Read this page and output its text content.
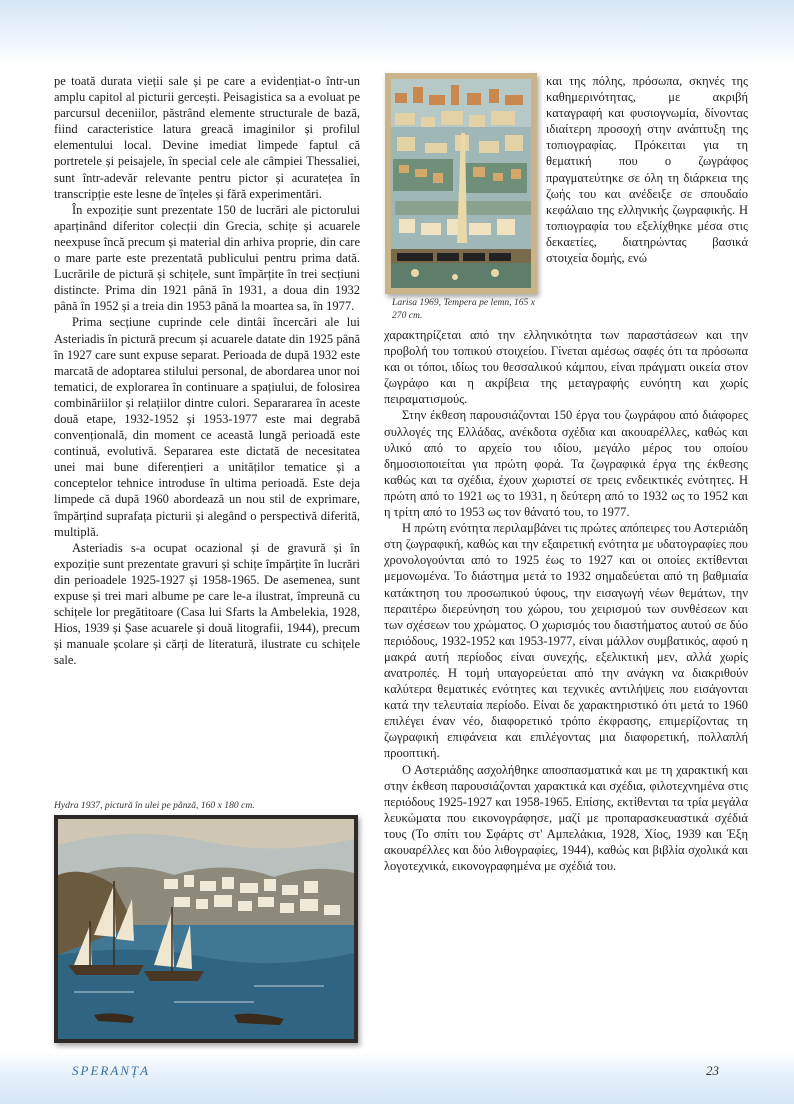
pe toată durata vieții sale și pe care a evidențiat-o într-un amplu capitol al picturii gercești. Peisagistica sa a evoluat pe parcursul deceniilor, păstrând elemente structurale de bază, fiind caracteristice latura greacă imaginilor și profilul elementului local. Devine imediat limpede faptul că portretele și peisajele, în special cele ale câmpiei Thessaliei, sunt într-adevăr relevante pentru pictor și acuratețea în transcripție este lesne de înțeles și fără experimentări.

În expoziție sunt prezentate 150 de lucrări ale pictorului aparținând diferitor colecții din Grecia, schițe și acuarele neexpuse încă precum și material din arhiva proprie, din care o mare parte este prezentată publicului pentru prima dată. Lucrările de pictură și schițele, sunt împărțite în trei secțiuni distincte. Prima din 1921 până în 1931, a doua din 1932 până în 1952 și a treia din 1953 până la moartea sa, în 1977.

Prima secțiune cuprinde cele dintâi încercări ale lui Asteriadis în pictură precum și acuarele datate din 1925 până în 1927 care sunt expuse separat. Perioada de după 1932 este marcată de adoptarea stilului personal, de abordarea unor noi tematici, de explorarea în continuare a spațiului, de folosirea combinăriilor și relațiilor dintre culori. Separararea în aceste două etape, 1932-1952 și 1953-1977 este mai degrabă convențională, din moment ce această lungă perioadă este continuă, evolutivă. Separarea este dictată de necesitatea unei mai bune diferențieri a unităților tematice și a conceptelor tehnice introduse în ultima perioadă. Este deja limpede că după 1960 abordează un nou stil de exprimare, împărțind suprafața picturii și alegând o perspectivă diferită, multiplă.

Asteriadis s-a ocupat ocazional și de gravură și în expoziție sunt prezentate gravuri și schițe împărțite în lucrări din perioadele 1925-1927 și 1958-1965. De asemenea, sunt expuse și trei mari albume pe care le-a ilustrat, împreună cu schițele lor pregătitoare (Casa lui Sfarts la Ambelekia, 1928, Hios, 1939 și Șase acuarele și două litografii, 1944), precum și manuale școlare și cărți de literatură, ilustrate cu schițele sale.

Larisa 1969, Tempera pe lemn, 165 x 270 cm.

και της πόλης, πρόσωπα, σκηνές της καθημερινότητας, με ακριβή καταγραφή και φυσιογνωμία, δίνοντας ιδιαίτερη προσοχή στην ανάπτυξη της τοπιογραφίας. Πρόκειται για τη θεματική που ο ζωγράφος πραγματεύτηκε σε όλη τη διάρκεια της ζωής του και ανέδειξε σε σπουδαίο κεφάλαιο της ελληνικής ζωγραφικής. Η τοπιογραφία του εξελίχθηκε μέσα στις δεκαετίες, διατηρώντας βασικά στοιχεία δομής, ενώ

χαρακτηρίζεται από την ελληνικότητα των παραστάσεων και την προβολή του τοπικού στοιχείου. Γίνεται αμέσως σαφές ότι τα πρόσωπα και οι τόποι, ιδίως του θεσσαλικού κάμπου, είναι πράγματι οικεία στον ζωγράφο και η ακρίβεια της μεταγραφής ευνόητη και χωρίς πειραματισμούς.

Στην έκθεση παρουσιάζονται 150 έργα του ζωγράφου από διάφορες συλλογές της Ελλάδας, ανέκδοτα σχέδια και ακουαρέλλες, καθώς και υλικό από το αρχείο του ιδίου, μεγάλο μέρος του οποίου δημοσιοποιείται για πρώτη φορά. Τα ζωγραφικά έργα της έκθεσης καθώς και τα σχέδια, έχουν χωριστεί σε τρεις ενδεικτικές ενότητες. Η πρώτη από το 1921 ως το 1931, η δεύτερη από το 1932 ως το 1952 και η τρίτη από το 1953 ως τον θάνατό του, το 1977.

Η πρώτη ενότητα περιλαμβάνει τις πρώτες απόπειρες του Αστεριάδη στη ζωγραφική, καθώς και την εξαιρετική ενότητα με υδατογραφίες που χρονολογούνται από το 1925 έως το 1927 και οι οποίες εκτίθενται μεμονωμένα. Το διάστημα μετά το 1932 σημαδεύεται από τη βαθμιαία κατάκτηση του προσωπικού ύφους, την εισαγωγή νέων θεμάτων, την περαιτέρω διερεύνηση του χώρου, του χειρισμού των συνθέσεων και των σχέσεων του χρώματος. Ο χωρισμός του διαστήματος αυτού σε δύο περιόδους, 1932-1952 και 1953-1977, είναι μάλλον συμβατικός, αφού η μακρά αυτή περίοδος είναι συνεχής, εξελικτική μεν, αλλά χωρίς ανατροπές. Η τομή υπαγορεύεται από την ανάγκη να διακριθούν καλύτερα θεματικές ενότητες και τεχνικές αντιλήψεις που εισάγονται κατά την τελευταία περίοδο. Είναι δε χαρακτηριστικό ότι μετά το 1960 επιλέγει έναν νέο, διαφορετικό τρόπο έκφρασης, επιμερίζοντας τη ζωγραφική επιφάνεια και επιλέγοντας μια διαφορετική, πολλαπλή προοπτική.

Ο Αστεριάδης ασχολήθηκε αποσπασματικά και με τη χαρακτική και στην έκθεση παρουσιάζονται χαρακτικά και σχέδια, φιλοτεχνημένα στις περιόδους 1925-1927 και 1958-1965. Επίσης, εκτίθενται τα τρία μεγάλα λευκώματα που εικονογράφησε, μαζί με προπαρασκευαστικά σχέδιά τους (Το σπίτι του Σφάρτς στ' Αμπελάκια, 1928, Χίος, 1939 και Έξη ακουαρέλλες και δύο λιθογραφίες, 1944), καθώς και βιβλία σχολικά και λογοτεχνικά, εικονογραφημένα με σχέδιά του.

Hydra 1937, pictură în ulei pe pânză, 160 x 180 cm.
SPERANȚA	23
